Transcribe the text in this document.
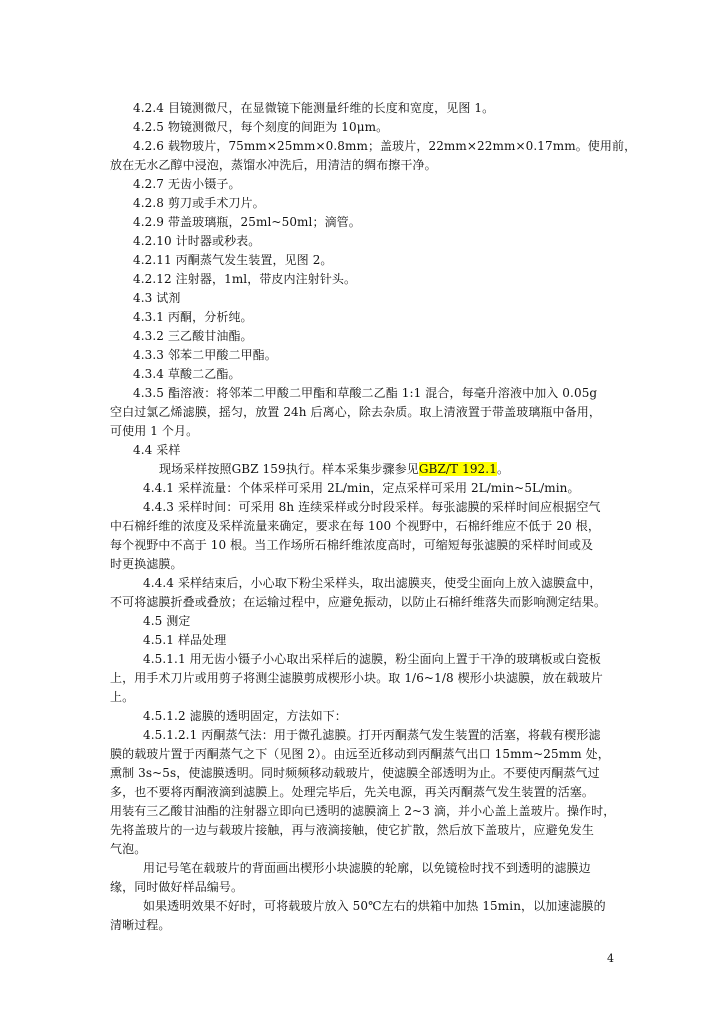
4.2.4 目镜测微尺，在显微镜下能测量纤维的长度和宽度，见图 1。
4.2.5 物镜测微尺，每个刻度的间距为 10μm。
4.2.6 载物玻片，75mm×25mm×0.8mm；盖玻片，22mm×22mm×0.17mm。使用前，
放在无水乙醇中浸泡，蒸馏水冲洗后，用清洁的绸布擦干净。
4.2.7 无齿小镊子。
4.2.8 剪刀或手术刀片。
4.2.9 带盖玻璃瓶，25ml~50ml；滴管。
4.2.10 计时器或秒表。
4.2.11 丙酮蒸气发生装置，见图 2。
4.2.12 注射器，1ml，带皮内注射针头。
4.3 试剂
4.3.1 丙酮，分析纯。
4.3.2 三乙酸甘油酯。
4.3.3 邻苯二甲酸二甲酯。
4.3.4 草酸二乙酯。
4.3.5 酯溶液：将邻苯二甲酸二甲酯和草酸二乙酯 1:1 混合，每毫升溶液中加入 0.05g
空白过氯乙烯滤膜，摇匀，放置 24h 后离心，除去杂质。取上清液置于带盖玻璃瓶中备用，
可使用 1 个月。
4.4 采样
现场采样按照GBZ 159执行。样本采集步骤参见GBZ/T 192.1。
4.4.1 采样流量：个体采样可采用 2L/min，定点采样可采用 2L/min~5L/min。
4.4.3 采样时间：可采用 8h 连续采样或分时段采样。每张滤膜的采样时间应根据空气
中石棉纤维的浓度及采样流量来确定，要求在每 100 个视野中，石棉纤维应不低于 20 根，
每个视野中不高于 10 根。当工作场所石棉纤维浓度高时，可缩短每张滤膜的采样时间或及
时更换滤膜。
4.4.4 采样结束后，小心取下粉尘采样头，取出滤膜夹，使受尘面向上放入滤膜盒中，
不可将滤膜折叠或叠放；在运输过程中，应避免振动，以防止石棉纤维落失而影响测定结果。
4.5 测定
4.5.1 样品处理
4.5.1.1 用无齿小镊子小心取出采样后的滤膜，粉尘面向上置于干净的玻璃板或白瓷板
上，用手术刀片或用剪子将测尘滤膜剪成楔形小块。取 1/6~1/8 楔形小块滤膜，放在载玻片
上。
4.5.1.2 滤膜的透明固定，方法如下：
4.5.1.2.1 丙酮蒸气法：用于微孔滤膜。打开丙酮蒸气发生装置的活塞，将载有楔形滤
膜的载玻片置于丙酮蒸气之下（见图 2）。由远至近移动到丙酮蒸气出口 15mm~25mm 处，
熏制 3s~5s，使滤膜透明。同时频频移动载玻片，使滤膜全部透明为止。不要使丙酮蒸气过
多，也不要将丙酮液滴到滤膜上。处理完毕后，先关电源，再关丙酮蒸气发生装置的活塞。
用装有三乙酸甘油酯的注射器立即向已透明的滤膜滴上 2~3 滴，并小心盖上盖玻片。操作时，
先将盖玻片的一边与载玻片接触，再与液滴接触，使它扩散，然后放下盖玻片，应避免发生
气泡。
用记号笔在载玻片的背面画出楔形小块滤膜的轮廓，以免镜检时找不到透明的滤膜边
缘，同时做好样品编号。
如果透明效果不好时，可将载玻片放入 50℃左右的烘箱中加热 15min，以加速滤膜的
清晰过程。
4
